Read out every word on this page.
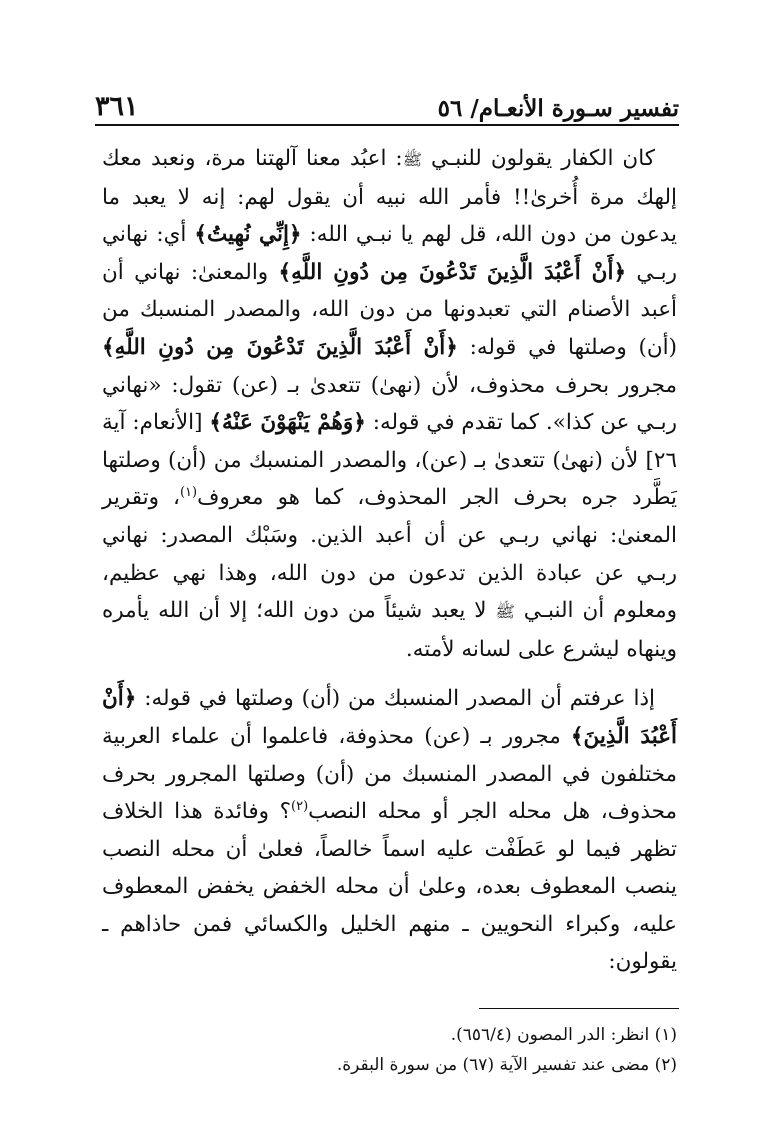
تفسير سـورة الأنعـام/ ٥٦
٣٦١

كان الكفار يقولون للنبـي ﷺ: اعبُد معنا آلهتنا مرة، ونعبد معك إلهك مرة أُخرىٰ!! فأمر الله نبيه أن يقول لهم: إنه لا يعبد ما يدعون من دون الله، قل لهم يا نبـي الله: ﴿إِنِّي نُهِيتُ﴾ أي: نهاني ربـي ﴿أَنْ أَعْبُدَ الَّذِينَ تَدْعُونَ مِن دُونِ اللَّهِ﴾ والمعنىٰ: نهاني أن أعبد الأصنام التي تعبدونها من دون الله، والمصدر المنسبك من (أن) وصلتها في قوله: ﴿أَنْ أَعْبُدَ الَّذِينَ تَدْعُونَ مِن دُونِ اللَّهِ﴾ مجرور بحرف محذوف، لأن (نهىٰ) تتعدىٰ بـ (عن) تقول: «نهاني ربـي عن كذا». كما تقدم في قوله: ﴿وَهُمْ يَنْهَوْنَ عَنْهُ﴾ [الأنعام: آية ٢٦] لأن (نهىٰ) تتعدىٰ بـ (عن)، والمصدر المنسبك من (أن) وصلتها يَطَّرد جره بحرف الجر المحذوف، كما هو معروف$^{(١)}$، وتقرير المعنىٰ: نهاني ربـي عن أن أعبد الذين. وسَبْك المصدر: نهاني ربـي عن عبادة الذين تدعون من دون الله، وهذا نهي عظيم، ومعلوم أن النبـي ﷺ لا يعبد شيئاً من دون الله؛ إلا أن الله يأمره وينهاه ليشرع على لسانه لأمته.

إذا عرفتم أن المصدر المنسبك من (أن) وصلتها في قوله: ﴿أَنْ أَعْبُدَ الَّذِينَ﴾ مجرور بـ (عن) محذوفة، فاعلموا أن علماء العربية مختلفون في المصدر المنسبك من (أن) وصلتها المجرور بحرف محذوف، هل محله الجر أو محله النصب$^{(٢)}$؟ وفائدة هذا الخلاف تظهر فيما لو عَطَفْت عليه اسماً خالصاً، فعلىٰ أن محله النصب ينصب المعطوف بعده، وعلىٰ أن محله الخفض يخفض المعطوف عليه، وكبراء النحويين ـ منهم الخليل والكسائي فمن حاذاهم ـ يقولون:

(١) انظر: الدر المصون (٦٥٦/٤).

(٢) مضى عند تفسير الآية (٦٧) من سورة البقرة.
